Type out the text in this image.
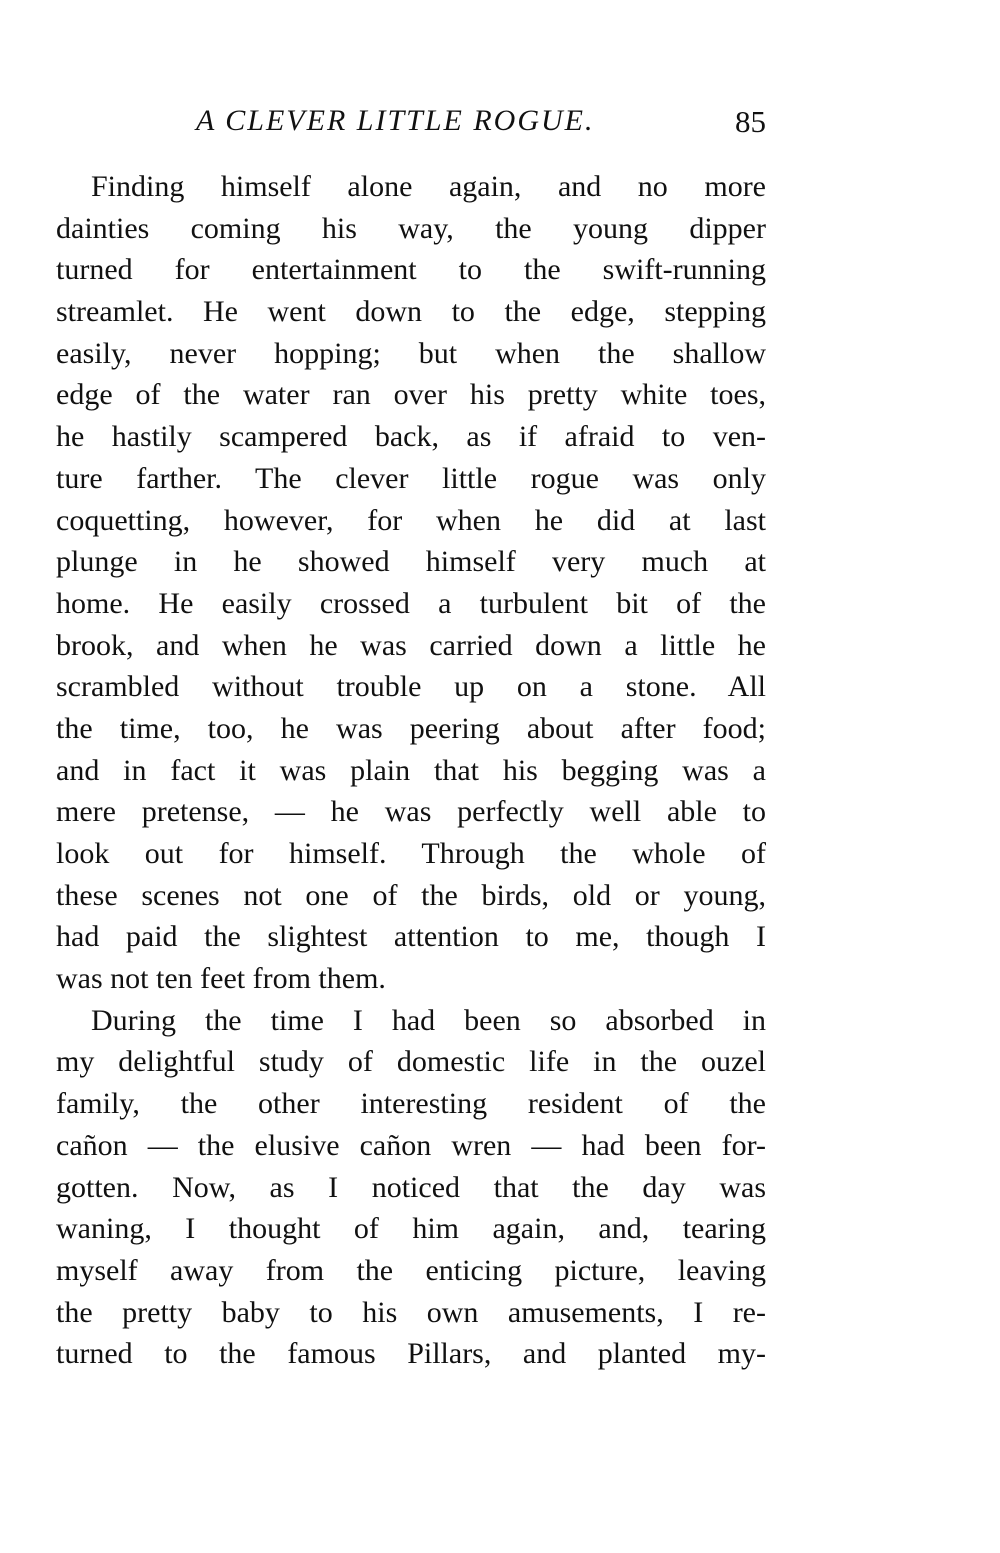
A CLEVER LITTLE ROGUE.	85
Finding himself alone again, and no more
dainties coming his way, the young dipper
turned for entertainment to the swift-running
streamlet. He went down to the edge, stepping
easily, never hopping; but when the shallow
edge of the water ran over his pretty white toes,
he hastily scampered back, as if afraid to ven-
ture farther. The clever little rogue was only
coquetting, however, for when he did at last
plunge in he showed himself very much at
home. He easily crossed a turbulent bit of the
brook, and when he was carried down a little he
scrambled without trouble up on a stone. All
the time, too, he was peering about after food;
and in fact it was plain that his begging was a
mere pretense, — he was perfectly well able to
look out for himself. Through the whole of
these scenes not one of the birds, old or young,
had paid the slightest attention to me, though I
was not ten feet from them.
During the time I had been so absorbed in
my delightful study of domestic life in the ouzel
family, the other interesting resident of the
cañon — the elusive cañon wren — had been for-
gotten. Now, as I noticed that the day was
waning, I thought of him again, and, tearing
myself away from the enticing picture, leaving
the pretty baby to his own amusements, I re-
turned to the famous Pillars, and planted my-
